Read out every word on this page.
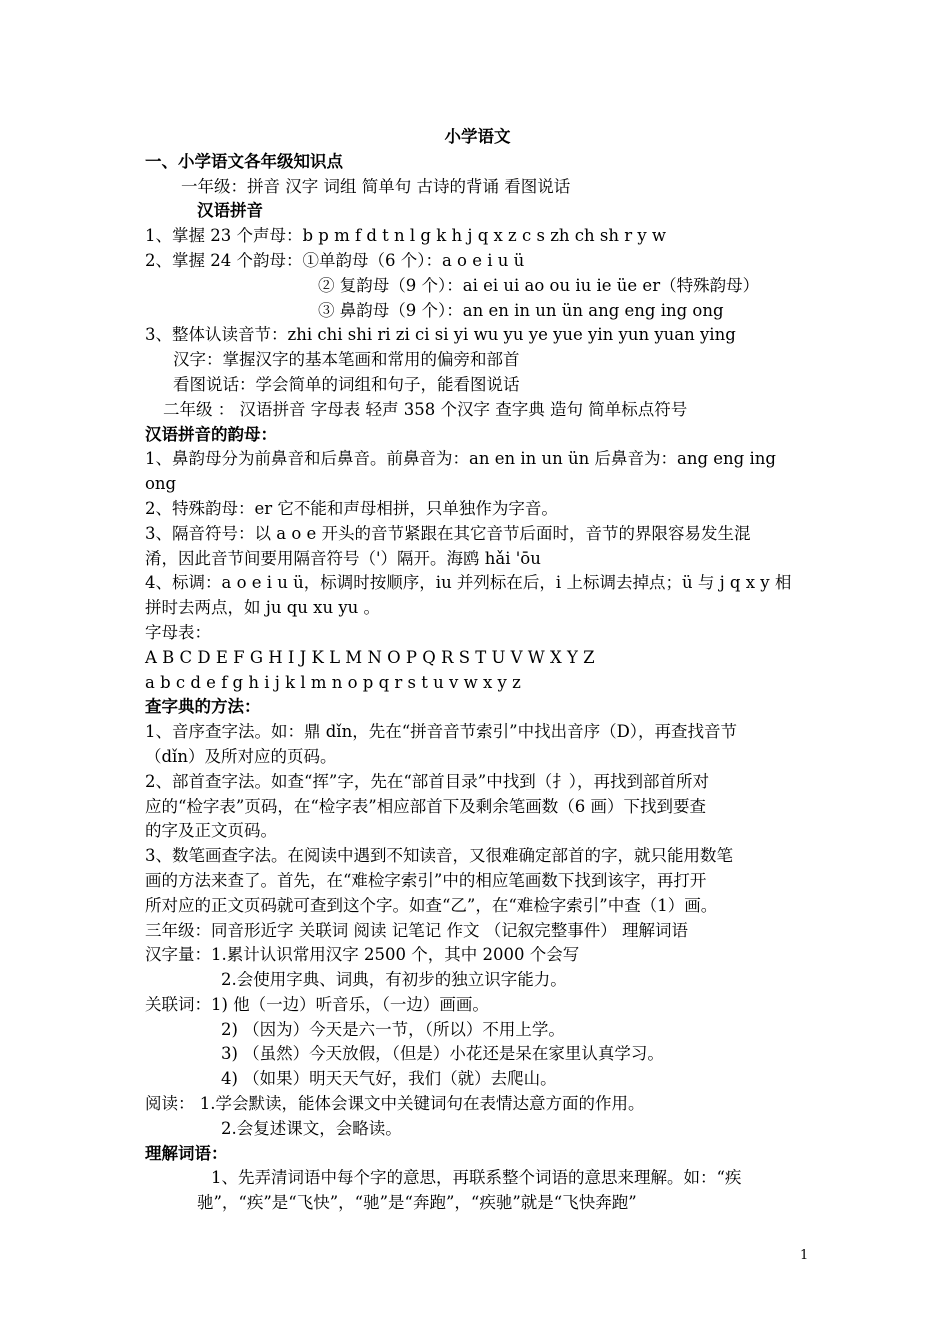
小学语文
一、小学语文各年级知识点
一年级：拼音 汉字 词组 简单句 古诗的背诵 看图说话
汉语拼音
1、掌握 23 个声母：b p m f d t n l g k h j q x z c s zh ch sh r y w
2、掌握 24 个韵母：①单韵母（6 个）：a o e i u ü
② 复韵母（9 个）：ai ei ui ao ou iu ie üe er（特殊韵母）
③ 鼻韵母（9 个）：an en in un ün ang eng ing ong
3、整体认读音节：zhi chi shi ri zi ci si yi wu yu ye yue yin yun yuan ying
汉字：掌握汉字的基本笔画和常用的偏旁和部首
看图说话：学会简单的词组和句子，能看图说话
二年级 ： 汉语拼音 字母表 轻声 358 个汉字 查字典 造句 简单标点符号
汉语拼音的韵母：
1、鼻韵母分为前鼻音和后鼻音。前鼻音为：an en in un ün 后鼻音为：ang eng ing
ong
2、特殊韵母：er 它不能和声母相拼，只单独作为字音。
3、隔音符号：以 a o e 开头的音节紧跟在其它音节后面时，音节的界限容易发生混
淆，因此音节间要用隔音符号（'）隔开。海鸥 hǎi 'ōu
4、标调：a o e i u ü，标调时按顺序，iu 并列标在后，i 上标调去掉点；ü 与 j q x y 相
拼时去两点，如 ju qu xu yu 。
字母表：
A B C D E F G H I J K L M N O P Q R S T U V W X Y Z
a b c d e f g h i j k l m n o p q r s t u v w x y z
查字典的方法：
1、音序查字法。如：鼎 dǐn，先在“拼音音节索引”中找出音序（D），再查找音节
（dǐn）及所对应的页码。
2、部首查字法。如查“挥”字，先在“部首目录”中找到（扌），再找到部首所对
应的“检字表”页码，在“检字表”相应部首下及剩余笔画数（6 画）下找到要查
的字及正文页码。
3、数笔画查字法。在阅读中遇到不知读音，又很难确定部首的字，就只能用数笔
画的方法来查了。首先，在“难检字索引”中的相应笔画数下找到该字，再打开
所对应的正文页码就可查到这个字。如查“乙”，在“难检字索引”中查（1）画。
三年级：同音形近字 关联词 阅读 记笔记 作文 （记叙完整事件） 理解词语
汉字量：1.累计认识常用汉字 2500 个，其中 2000 个会写
2.会使用字典、词典，有初步的独立识字能力。
关联词：1) 他（一边）听音乐，（一边）画画。
2) （因为）今天是六一节，（所以）不用上学。
3) （虽然）今天放假，（但是）小花还是呆在家里认真学习。
4) （如果）明天天气好，我们（就）去爬山。
阅读： 1.学会默读，能体会课文中关键词句在表情达意方面的作用。
2.会复述课文，会略读。
理解词语：
1、先弄清词语中每个字的意思，再联系整个词语的意思来理解。如：“疾
驰”，“疾”是“飞快”，“驰”是“奔跑”，“疾驰”就是“飞快奔跑”
1
